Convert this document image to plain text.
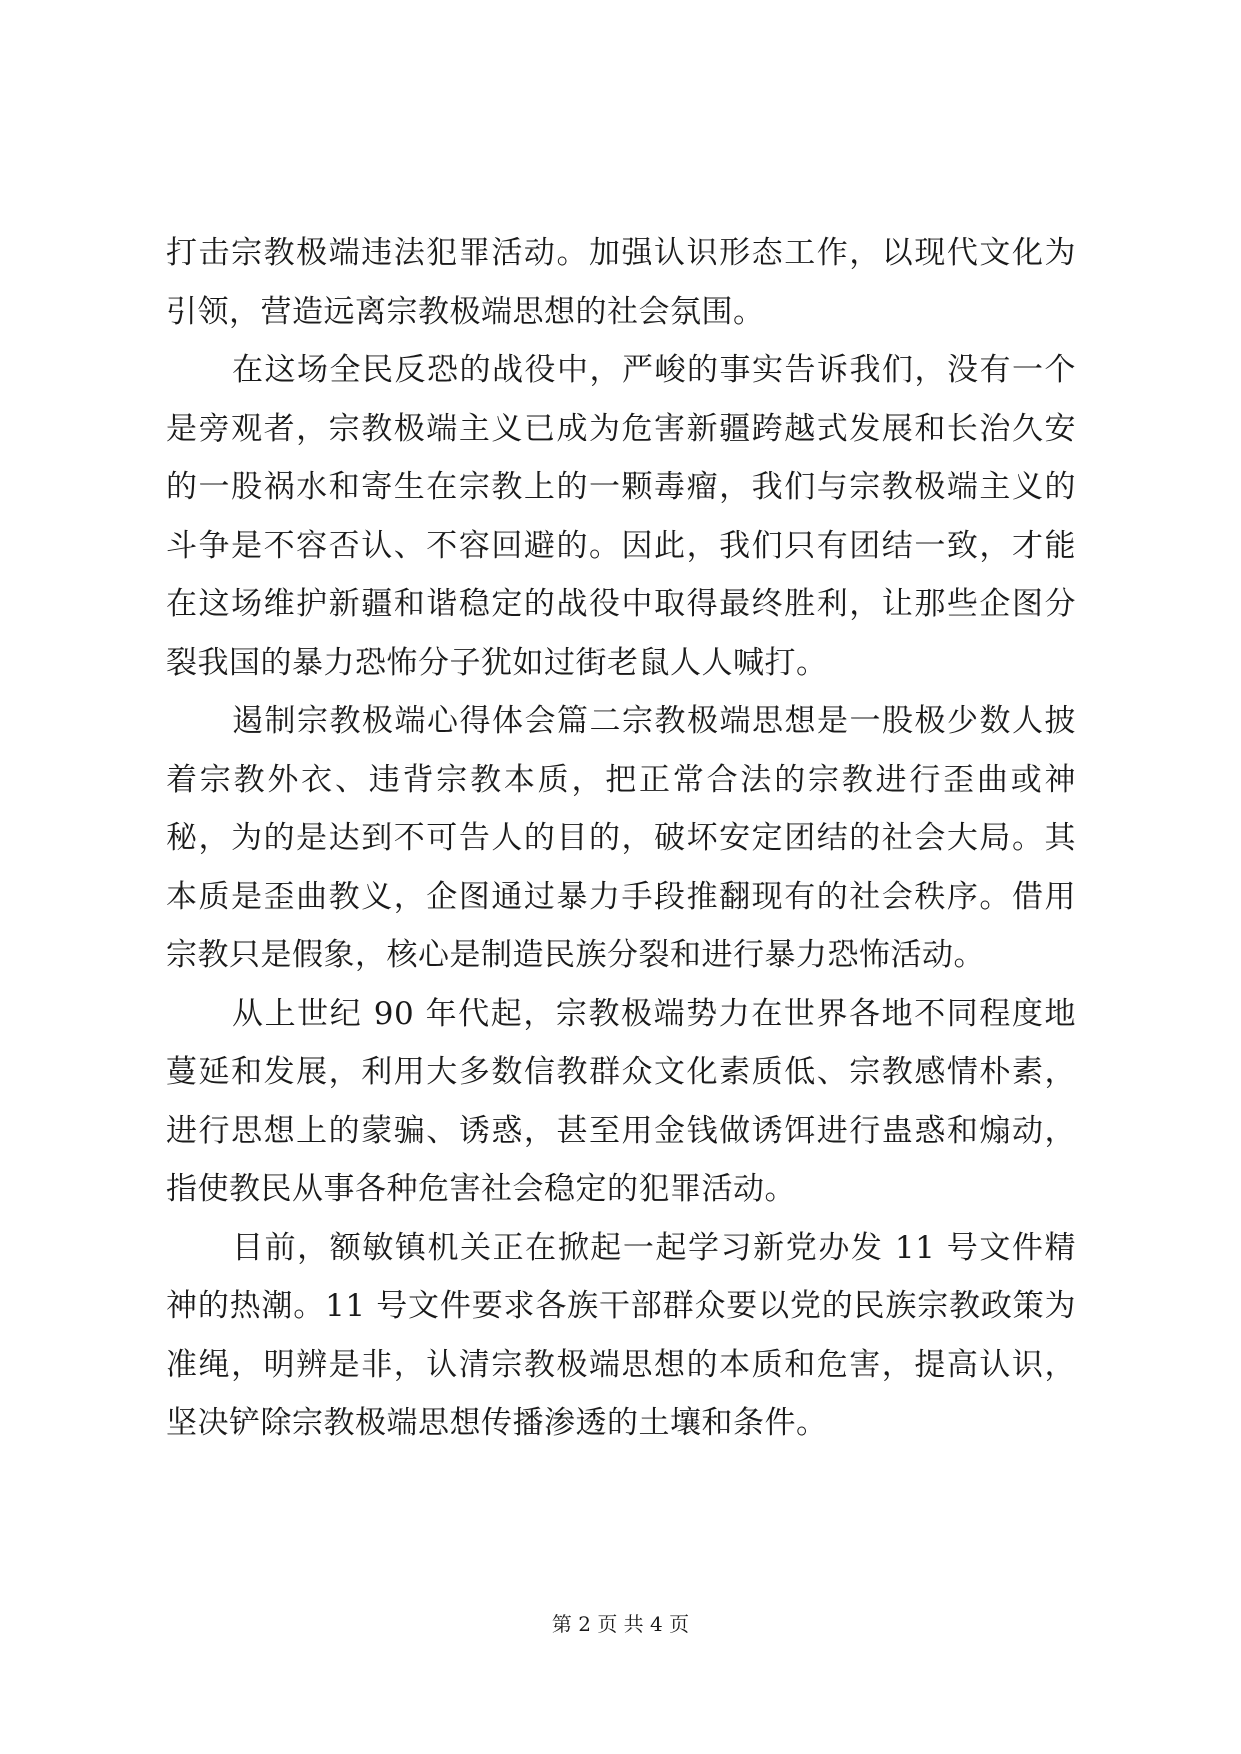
打击宗教极端违法犯罪活动。加强认识形态工作，以现代文化为引领，营造远离宗教极端思想的社会氛围。

在这场全民反恐的战役中，严峻的事实告诉我们，没有一个是旁观者，宗教极端主义已成为危害新疆跨越式发展和长治久安的一股祸水和寄生在宗教上的一颗毒瘤，我们与宗教极端主义的斗争是不容否认、不容回避的。因此，我们只有团结一致，才能在这场维护新疆和谐稳定的战役中取得最终胜利，让那些企图分裂我国的暴力恐怖分子犹如过街老鼠人人喊打。

遏制宗教极端心得体会篇二宗教极端思想是一股极少数人披着宗教外衣、违背宗教本质，把正常合法的宗教进行歪曲或神秘，为的是达到不可告人的目的，破坏安定团结的社会大局。其本质是歪曲教义，企图通过暴力手段推翻现有的社会秩序。借用宗教只是假象，核心是制造民族分裂和进行暴力恐怖活动。

从上世纪 90 年代起，宗教极端势力在世界各地不同程度地蔓延和发展，利用大多数信教群众文化素质低、宗教感情朴素，进行思想上的蒙骗、诱惑，甚至用金钱做诱饵进行蛊惑和煽动，指使教民从事各种危害社会稳定的犯罪活动。

目前，额敏镇机关正在掀起一起学习新党办发 11 号文件精神的热潮。11 号文件要求各族干部群众要以党的民族宗教政策为准绳，明辨是非，认清宗教极端思想的本质和危害，提高认识，坚决铲除宗教极端思想传播渗透的土壤和条件。

第 2 页 共 4 页
